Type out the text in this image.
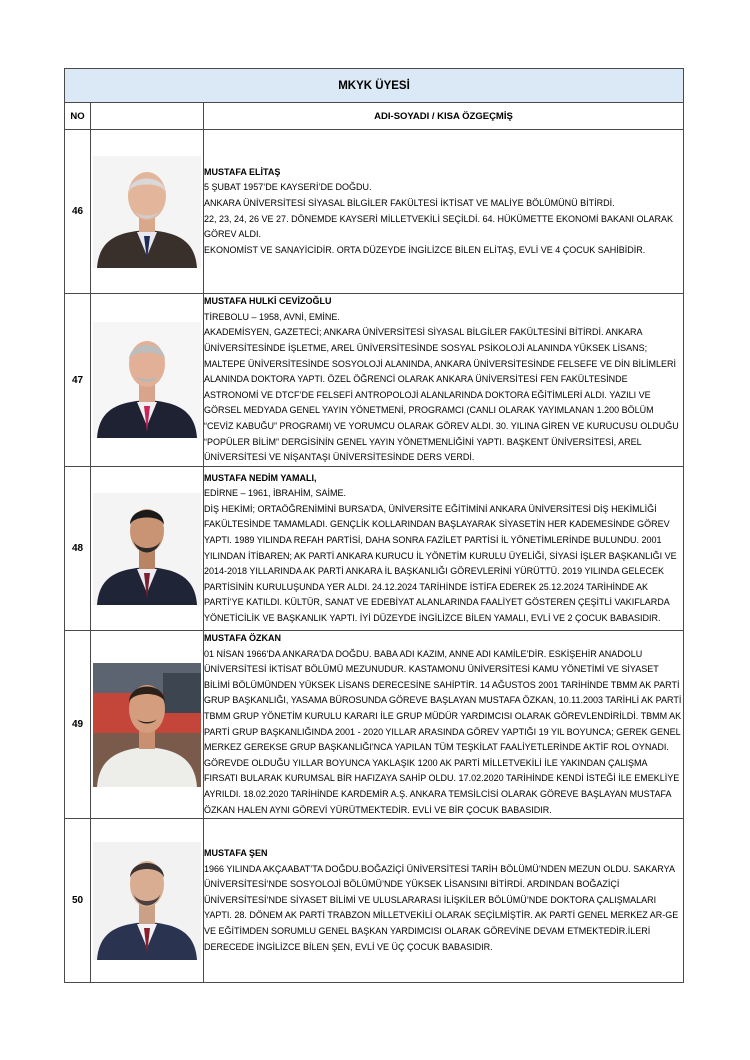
MKYK ÜYESİ		
NO		ADI-SOYADI / KISA ÖZGEÇMİŞ
46		MUSTAFA ELİTAŞ

5 ŞUBAT 1957’DE KAYSERİ’DE DOĞDU.
ANKARA ÜNİVERSİTESİ SİYASAL BİLGİLER FAKÜLTESİ İKTİSAT VE MALİYE BÖLÜMÜNÜ BİTİRDİ.
22, 23, 24, 26 VE 27. DÖNEMDE KAYSERİ MİLLETVEKİLİ SEÇİLDİ. 64. HÜKÜMETTE EKONOMİ BAKANI OLARAK GÖREV ALDI.
EKONOMİST VE SANAYİCİDİR. ORTA DÜZEYDE İNGİLİZCE BİLEN ELİTAŞ, EVLİ VE 4 ÇOCUK SAHİBİDİR.

47		MUSTAFA HULKİ CEVİZOĞLU

TİREBOLU – 1958, AVNİ, EMİNE.
AKADEMİSYEN, GAZETECİ; ANKARA ÜNİVERSİTESİ SİYASAL BİLGİLER FAKÜLTESİNİ BİTİRDİ. ANKARA ÜNİVERSİTESİNDE İŞLETME, AREL ÜNİVERSİTESİNDE SOSYAL PSİKOLOJİ ALANINDA YÜKSEK LİSANS; MALTEPE ÜNİVERSİTESİNDE SOSYOLOJİ ALANINDA, ANKARA ÜNİVERSİTESİNDE FELSEFE VE DİN BİLİMLERİ ALANINDA DOKTORA YAPTI. ÖZEL ÖĞRENCİ OLARAK ANKARA ÜNİVERSİTESİ FEN FAKÜLTESİNDE ASTRONOMİ VE DTCF’DE FELSEFİ ANTROPOLOJİ ALANLARINDA DOKTORA EĞİTİMLERİ ALDI. YAZILI VE GÖRSEL MEDYADA GENEL YAYIN YÖNETMENİ, PROGRAMCI (CANLI OLARAK YAYIMLANAN 1.200 BÖLÜM “CEVİZ KABUĞU” PROGRAMI) VE YORUMCU OLARAK GÖREV ALDI. 30. YILINA GİREN VE KURUCUSU OLDUĞU “POPÜLER BİLİM” DERGİSİNİN GENEL YAYIN YÖNETMENLİĞİNİ YAPTI. BAŞKENT ÜNİVERSİTESİ, AREL ÜNİVERSİTESİ VE NİŞANTAŞI ÜNİVERSİTESİNDE DERS VERDİ.

48		MUSTAFA NEDİM YAMALI,

EDİRNE – 1961, İBRAHİM, SAİME.
DİŞ HEKİMİ; ORTAÖĞRENİMİNİ BURSA’DA, ÜNİVERSİTE EĞİTİMİNİ ANKARA ÜNİVERSİTESİ DİŞ HEKİMLİĞİ FAKÜLTESİNDE TAMAMLADI. GENÇLİK KOLLARINDAN BAŞLAYARAK SİYASETİN HER KADEMESİNDE GÖREV YAPTI. 1989 YILINDA REFAH PARTİSİ, DAHA SONRA FAZİLET PARTİSİ İL YÖNETİMLERİNDE BULUNDU. 2001 YILINDAN İTİBAREN; AK PARTİ ANKARA KURUCU İL YÖNETİM KURULU ÜYELİĞİ, SİYASİ İŞLER BAŞKANLIĞI VE 2014-2018 YILLARINDA AK PARTİ ANKARA İL BAŞKANLIĞI GÖREVLERİNİ YÜRÜTTÜ. 2019 YILINDA GELECEK PARTİSİNİN KURULUŞUNDA YER ALDI. 24.12.2024 TARİHİNDE İSTİFA EDEREK 25.12.2024 TARİHİNDE AK PARTİ’YE KATILDI. KÜLTÜR, SANAT VE EDEBİYAT ALANLARINDA FAALİYET GÖSTEREN ÇEŞİTLİ VAKIFLARDA YÖNETİCİLİK VE BAŞKANLIK YAPTI. İYİ DÜZEYDE İNGİLİZCE BİLEN YAMALI, EVLİ VE 2 ÇOCUK BABASIDIR.

49		MUSTAFA ÖZKAN

01 NİSAN 1966'DA ANKARA'DA DOĞDU. BABA ADI KAZIM, ANNE ADI KAMİLE'DİR. ESKİŞEHİR ANADOLU ÜNİVERSİTESİ İKTİSAT BÖLÜMÜ MEZUNUDUR. KASTAMONU ÜNİVERSİTESİ KAMU YÖNETİMİ VE SİYASET BİLİMİ BÖLÜMÜNDEN YÜKSEK LİSANS DERECESİNE SAHİPTİR. 14 AĞUSTOS 2001 TARİHİNDE TBMM AK PARTİ GRUP BAŞKANLIĞI, YASAMA BÜROSUNDA GÖREVE BAŞLAYAN MUSTAFA ÖZKAN, 10.11.2003 TARİHLİ AK PARTİ TBMM GRUP YÖNETİM KURULU KARARI İLE GRUP MÜDÜR YARDIMCISI OLARAK GÖREVLENDİRİLDİ. TBMM AK PARTİ GRUP BAŞKANLIĞINDA 2001 - 2020 YILLAR ARASINDA GÖREV YAPTIĞI 19 YIL BOYUNCA; GEREK GENEL MERKEZ GEREKSE GRUP BAŞKANLIĞI'NCA YAPILAN TÜM TEŞKİLAT FAALİYETLERİNDE AKTİF ROL OYNADI. GÖREVDE OLDUĞU YILLAR BOYUNCA YAKLAŞIK 1200 AK PARTİ MİLLETVEKİLİ İLE YAKINDAN ÇALIŞMA FIRSATI BULARAK KURUMSAL BİR HAFIZAYA SAHİP OLDU. 17.02.2020 TARİHİNDE KENDİ İSTEĞİ İLE EMEKLİYE AYRILDI. 18.02.2020 TARİHİNDE KARDEMİR A.Ş. ANKARA TEMSİLCİSİ OLARAK GÖREVE BAŞLAYAN MUSTAFA ÖZKAN HALEN AYNI GÖREVİ YÜRÜTMEKTEDİR. EVLİ VE BİR ÇOCUK BABASIDIR.

50		MUSTAFA ŞEN

1966 YILINDA AKÇAABAT’TA DOĞDU.BOĞAZİÇİ ÜNİVERSİTESİ TARİH BÖLÜMÜ’NDEN MEZUN OLDU. SAKARYA ÜNİVERSİTESİ’NDE SOSYOLOJİ BÖLÜMÜ’NDE YÜKSEK LİSANSINI BİTİRDİ. ARDINDAN BOĞAZİÇİ ÜNİVERSİTESİ’NDE SİYASET BİLİMİ VE ULUSLARARASI İLİŞKİLER BÖLÜMÜ’NDE DOKTORA ÇALIŞMALARI YAPTI. 28. DÖNEM AK PARTİ TRABZON MİLLETVEKİLİ OLARAK SEÇİLMİŞTİR. AK PARTİ GENEL MERKEZ AR-GE VE EĞİTİMDEN SORUMLU GENEL BAŞKAN YARDIMCISI OLARAK GÖREVİNE DEVAM ETMEKTEDİR.İLERİ DERECEDE İNGİLİZCE BİLEN ŞEN, EVLİ VE ÜÇ ÇOCUK BABASIDIR.
